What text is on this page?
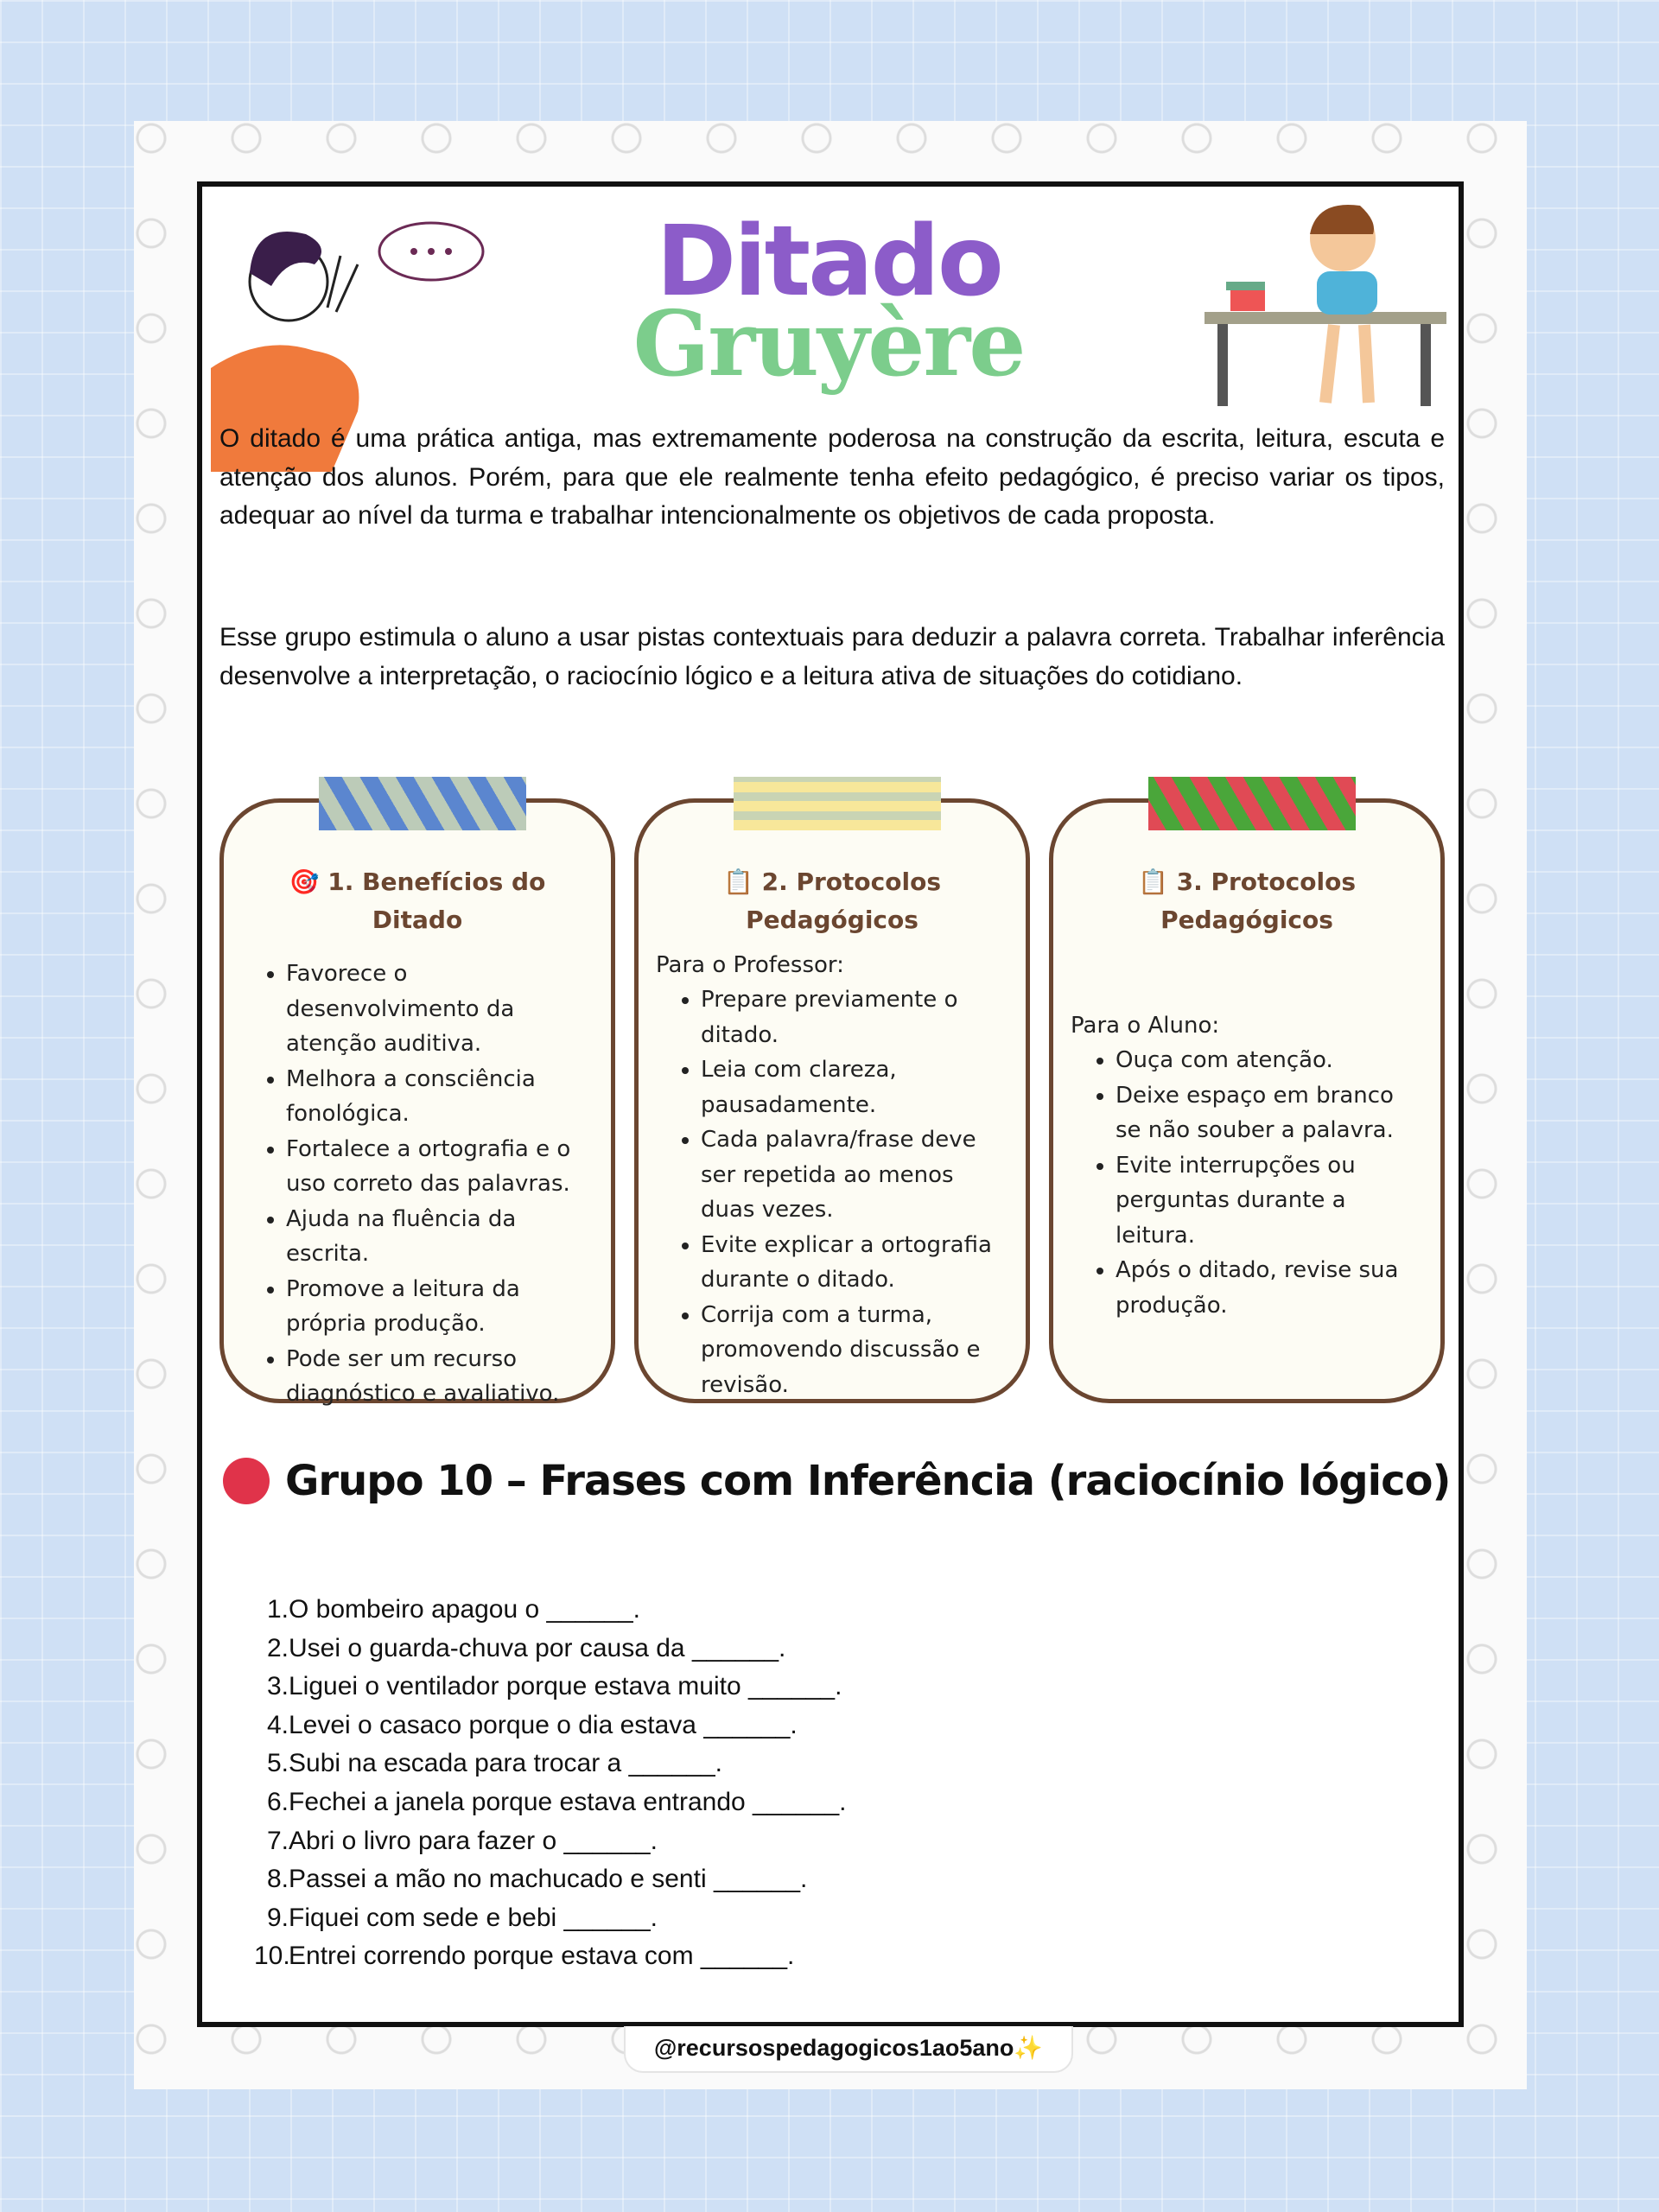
Ditado
Gruyère

O ditado é uma prática antiga, mas extremamente poderosa na construção da escrita, leitura, escuta e atenção dos alunos. Porém, para que ele realmente tenha efeito pedagógico, é preciso variar os tipos, adequar ao nível da turma e trabalhar intencionalmente os objetivos de cada proposta.

Esse grupo estimula o aluno a usar pistas contextuais para deduzir a palavra correta. Trabalhar inferência desenvolve a interpretação, o raciocínio lógico e a leitura ativa de situações do cotidiano.

🎯 1. Benefícios do Ditado
• Favorece o desenvolvimento da atenção auditiva.
• Melhora a consciência fonológica.
• Fortalece a ortografia e o uso correto das palavras.
• Ajuda na fluência da escrita.
• Promove a leitura da própria produção.
• Pode ser um recurso diagnóstico e avaliativo.
📋 2. Protocolos Pedagógicos

Para o Professor:

• Prepare previamente o ditado.
• Leia com clareza, pausadamente.
• Cada palavra/frase deve ser repetida ao menos duas vezes.
• Evite explicar a ortografia durante o ditado.
• Corrija com a turma, promovendo discussão e revisão.
📋 3. Protocolos Pedagógicos

Para o Aluno:

• Ouça com atenção.
• Deixe espaço em branco se não souber a palavra.
• Evite interrupções ou perguntas durante a leitura.
• Após o ditado, revise sua produção.
Grupo 10 – Frases com Inferência (raciocínio lógico)
1.O bombeiro apagou o ______.
2.Usei o guarda-chuva por causa da ______.
3.Liguei o ventilador porque estava muito ______.
4.Levei o casaco porque o dia estava ______.
5.Subi na escada para trocar a ______.
6.Fechei a janela porque estava entrando ______.
7.Abri o livro para fazer o ______.
8.Passei a mão no machucado e senti ______.
9.Fiquei com sede e bebi ______.
10.Entrei correndo porque estava com ______.
@recursospedagogicos1ao5ano✨
